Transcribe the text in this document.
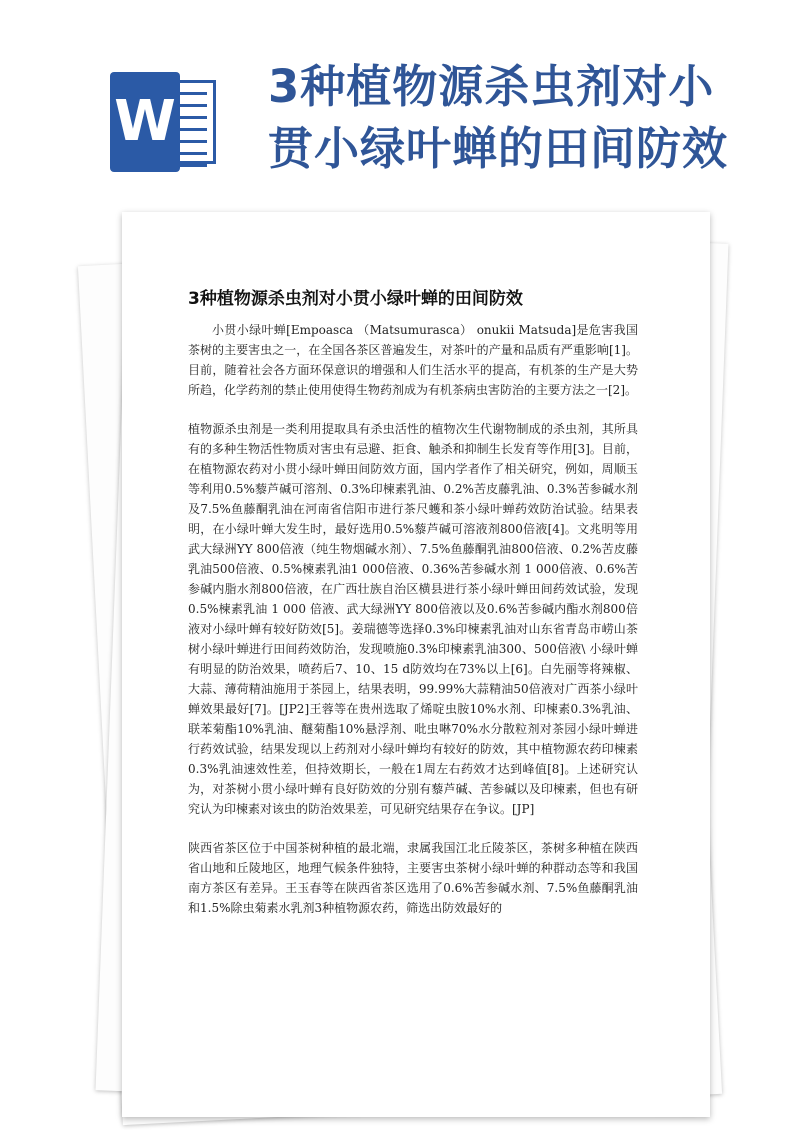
W
3种植物源杀虫剂对小贯小绿叶蝉的田间防效
3种植物源杀虫剂对小贯小绿叶蝉的田间防效

小贯小绿叶蝉[Empoasca （Matsumurasca） onukii Matsuda]是危害我国茶树的主要害虫之一，在全国各茶区普遍发生，对茶叶的产量和品质有严重影响[1]。目前，随着社会各方面环保意识的增强和人们生活水平的提高，有机茶的生产是大势所趋，化学药剂的禁止使用使得生物药剂成为有机茶病虫害防治的主要方法之一[2]。

植物源杀虫剂是一类利用提取具有杀虫活性的植物次生代谢物制成的杀虫剂，其所具有的多种生物活性物质对害虫有忌避、拒食、触杀和抑制生长发育等作用[3]。目前，在植物源农药对小贯小绿叶蝉田间防效方面，国内学者作了相关研究，例如，周顺玉等利用0.5%藜芦碱可溶剂、0.3%印楝素乳油、0.2%苦皮藤乳油、0.3%苦参碱水剂及7.5%鱼藤酮乳油在河南省信阳市进行茶尺蠖和茶小绿叶蝉药效防治试验。结果表明，在小绿叶蝉大发生时，最好选用0.5%藜芦碱可溶液剂800倍液[4]。文兆明等用武大绿洲YY 800倍液（纯生物烟碱水剂）、7.5%鱼藤酮乳油800倍液、0.2%苦皮藤乳油500倍液、0.5%楝素乳油1 000倍液、0.36%苦参碱水剂 1 000倍液、0.6%苦参碱内脂水剂800倍液，在广西壮族自治区横县进行茶小绿叶蝉田间药效试验，发现0.5%楝素乳油 1 000 倍液、武大绿洲YY 800倍液以及0.6%苦参碱内酯水剂800倍液对小绿叶蝉有较好防效[5]。姜瑞德等选择0.3%印楝素乳油对山东省青岛市崂山茶树小绿叶蝉进行田间药效防治，发现喷施0.3%印楝素乳油300、500倍液\ 小绿叶蝉有明显的防治效果，喷药后7、10、15 d防效均在73%以上[6]。白先丽等将辣椒、大蒜、薄荷精油施用于茶园上，结果表明，99.99%大蒜精油50倍液对广西茶小绿叶蝉效果最好[7]。[JP2]王蓉等在贵州选取了烯啶虫胺10%水剂、印楝素0.3%乳油、联苯菊酯10%乳油、醚菊酯10%悬浮剂、吡虫啉70%水分散粒剂对茶园小绿叶蝉进行药效试验，结果发现以上药剂对小绿叶蝉均有较好的防效，其中植物源农药印楝素0.3%乳油速效性差，但持效期长，一般在1周左右药效才达到峰值[8]。上述研究认为，对茶树小贯小绿叶蝉有良好防效的分别有藜芦碱、苦参碱以及印楝素，但也有研究认为印楝素对该虫的防治效果差，可见研究结果存在争议。[JP]

陕西省茶区位于中国茶树种植的最北端，隶属我国江北丘陵茶区，茶树多种植在陕西省山地和丘陵地区，地理气候条件独特，主要害虫茶树小绿叶蝉的种群动态等和我国南方茶区有差异。王玉春等在陕西省茶区选用了0.6%苦参碱水剂、7.5%鱼藤酮乳油和1.5%除虫菊素水乳剂3种植物源农药，筛选出防效最好的
